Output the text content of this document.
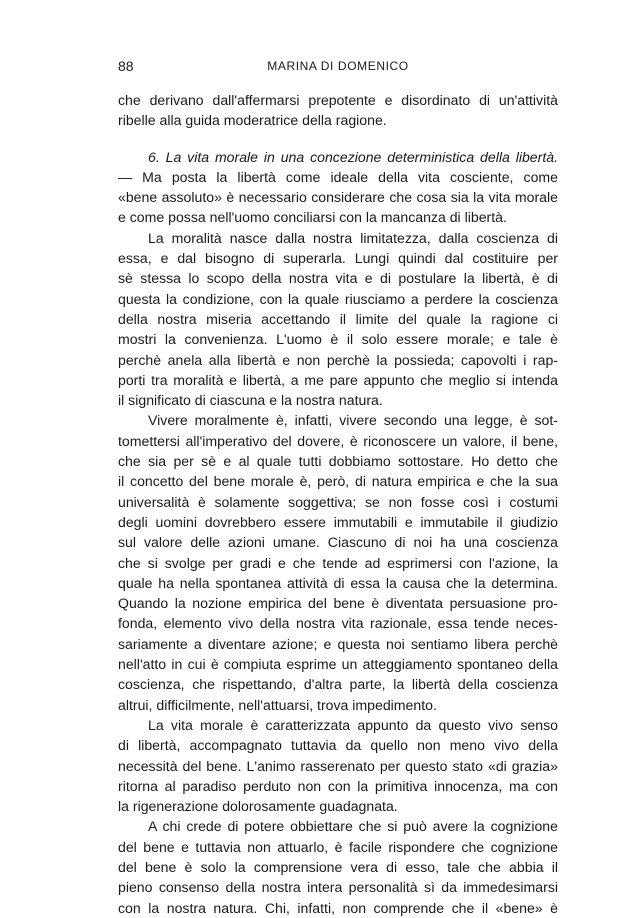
88	MARINA DI DOMENICO
che derivano dall'affermarsi prepotente e disordinato di un'attività
ribelle alla guida moderatrice della ragione.
6. La vita morale in una concezione deterministica della libertà.
— Ma posta la libertà come ideale della vita cosciente, come
«bene assoluto» è necessario considerare che cosa sia la vita morale
e come possa nell'uomo conciliarsi con la mancanza di libertà.
La moralità nasce dalla nostra limitatezza, dalla coscienza di
essa, e dal bisogno di superarla. Lungi quindi dal costituire per
sè stessa lo scopo della nostra vita e di postulare la libertà, è di
questa la condizione, con la quale riusciamo a perdere la coscienza
della nostra miseria accettando il limite del quale la ragione ci
mostri la convenienza. L'uomo è il solo essere morale; e tale è
perchè anela alla libertà e non perchè la possieda; capovolti i rap-
porti tra moralità e libertà, a me pare appunto che meglio si intenda
il significato di ciascuna e la nostra natura.
Vivere moralmente è, infatti, vivere secondo una legge, è sot-
tomettersi all'imperativo del dovere, è riconoscere un valore, il bene,
che sia per sè e al quale tutti dobbiamo sottostare. Ho detto che
il concetto del bene morale è, però, di natura empirica e che la sua
universalità è solamente soggettiva; se non fosse così i costumi
degli uomini dovrebbero essere immutabili e immutabile il giudizio
sul valore delle azioni umane. Ciascuno di noi ha una coscienza
che si svolge per gradi e che tende ad esprimersi con l'azione, la
quale ha nella spontanea attività di essa la causa che la determina.
Quando la nozione empirica del bene è diventata persuasione pro-
fonda, elemento vivo della nostra vita razionale, essa tende neces-
sariamente a diventare azione; e questa noi sentiamo libera perchè
nell'atto in cui è compiuta esprime un atteggiamento spontaneo della
coscienza, che rispettando, d'altra parte, la libertà della coscienza
altrui, difficilmente, nell'attuarsi, trova impedimento.
La vita morale è caratterizzata appunto da questo vivo senso
di libertà, accompagnato tuttavia da quello non meno vivo della
necessità del bene. L'animo rasserenato per questo stato «di grazia»
ritorna al paradiso perduto non con la primitiva innocenza, ma con
la rigenerazione dolorosamente guadagnata.
A chi crede di potere obbiettare che si può avere la cognizione
del bene e tuttavia non attuarlo, è facile rispondere che cognizione
del bene è solo la comprensione vera di esso, tale che abbia il
pieno consenso della nostra intera personalità sì da immedesimarsi
con la nostra natura. Chi, infatti, non comprende che il «bene» è
